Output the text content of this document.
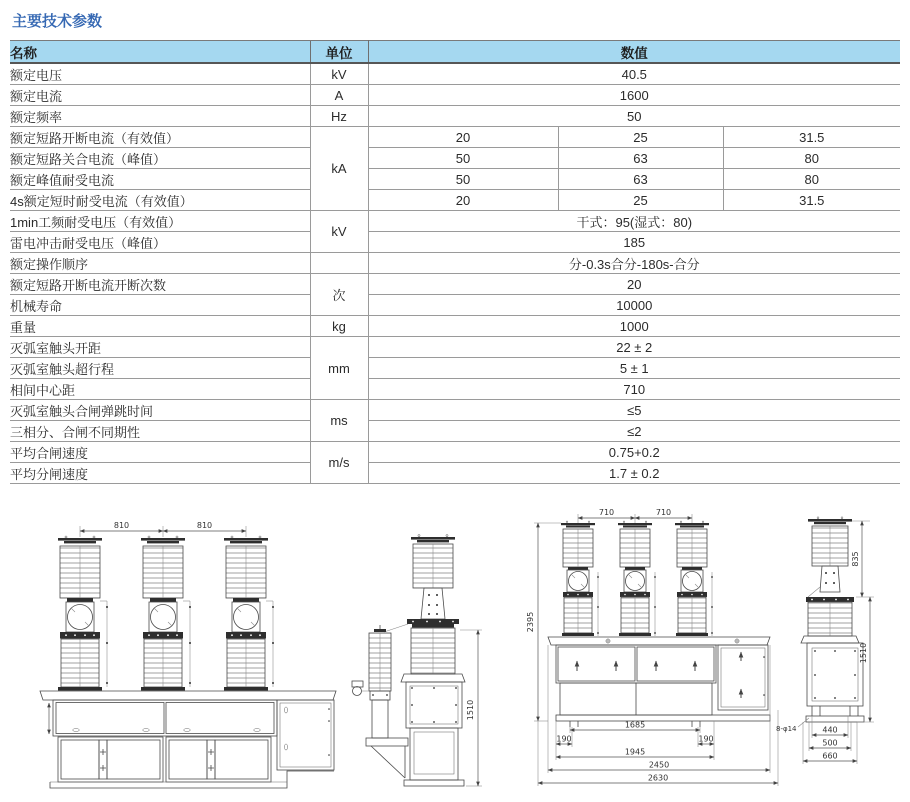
主要技术参数
名称	单位	数值		
额定电压	kV	40.5		
额定电流	A	1600		
额定频率	Hz	50		
额定短路开断电流（有效值）	kA	20	25	31.5
额定短路关合电流（峰值）		50	63	80
额定峰值耐受电流		50	63	80
4s额定短时耐受电流（有效值）		20	25	31.5
1min工频耐受电压（有效值）	kV	干式：95(湿式：80)		
雷电冲击耐受电压（峰值）		185		
额定操作顺序		分-0.3s合分-180s-合分		
额定短路开断电流开断次数	次	20		
机械寿命		10000		
重量	kg	1000		
灭弧室触头开距	mm	22 ± 2		
灭弧室触头超行程		5 ± 1		
相间中心距		710		
灭弧室触头合闸弹跳时间	ms	≤5		
三相分、合闸不同期性		≤2		
平均合闸速度	m/s	0.75+0.2		
平均分闸速度		1.7 ± 0.2		
810	810
1510
710	710
2395
1685
190	190
1945
2450
2630
835
1510
440
500
660
8-φ14
